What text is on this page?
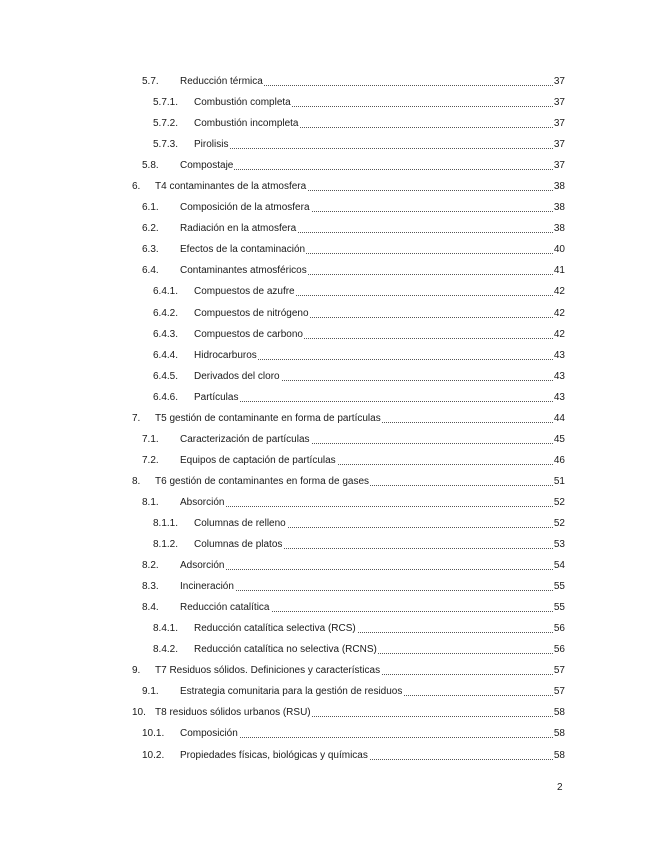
5.7. Reducción térmica	37
5.7.1. Combustión completa	37
5.7.2. Combustión incompleta	37
5.7.3. Pirolisis	37
5.8. Compostaje	37
6. T4 contaminantes de la atmosfera	38
6.1. Composición de la atmosfera	38
6.2. Radiación en la atmosfera	38
6.3. Efectos de la contaminación	40
6.4. Contaminantes atmosféricos	41
6.4.1. Compuestos de azufre	42
6.4.2. Compuestos de nitrógeno	42
6.4.3. Compuestos de carbono	42
6.4.4. Hidrocarburos	43
6.4.5. Derivados del cloro	43
6.4.6. Partículas	43
7. T5 gestión de contaminante en forma de partículas	44
7.1. Caracterización de partículas	45
7.2. Equipos de captación de partículas	46
8. T6 gestión de contaminantes en forma de gases	51
8.1. Absorción	52
8.1.1. Columnas de relleno	52
8.1.2. Columnas de platos	53
8.2. Adsorción	54
8.3. Incineración	55
8.4. Reducción catalítica	55
8.4.1. Reducción catalítica selectiva (RCS)	56
8.4.2. Reducción catalítica no selectiva (RCNS)	56
9. T7 Residuos sólidos. Definiciones y características	57
9.1. Estrategia comunitaria para la gestión de residuos	57
10. T8 residuos sólidos urbanos (RSU)	58
10.1. Composición	58
10.2. Propiedades físicas, biológicas y químicas	58
2
